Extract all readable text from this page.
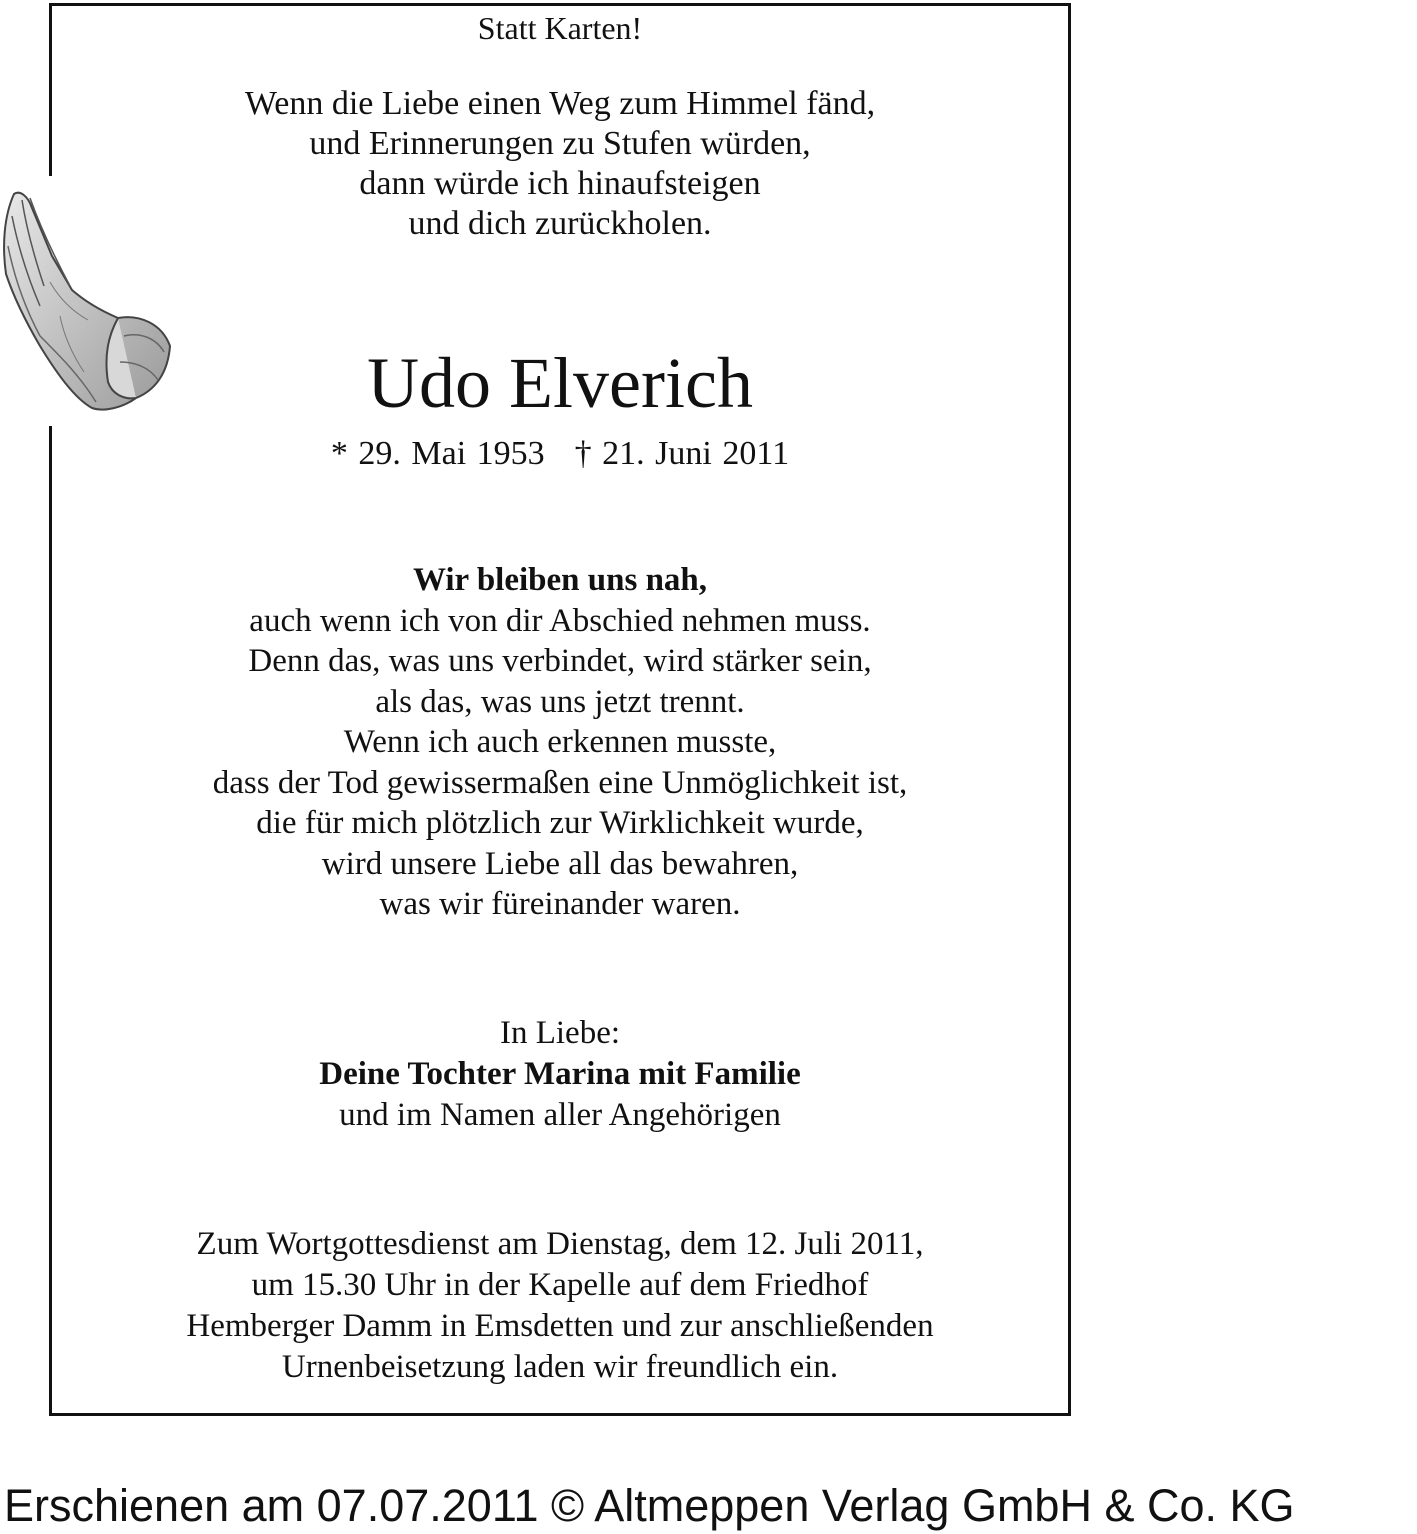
Statt Karten!
Wenn die Liebe einen Weg zum Himmel fänd,
und Erinnerungen zu Stufen würden,
dann würde ich hinaufsteigen
und dich zurückholen.
Udo Elverich
* 29. Mai 1953 † 21. Juni 2011
Wir bleiben uns nah,
auch wenn ich von dir Abschied nehmen muss.
Denn das, was uns verbindet, wird stärker sein,
als das, was uns jetzt trennt.
Wenn ich auch erkennen musste,
dass der Tod gewissermaßen eine Unmöglichkeit ist,
die für mich plötzlich zur Wirklichkeit wurde,
wird unsere Liebe all das bewahren,
was wir füreinander waren.
In Liebe:
Deine Tochter Marina mit Familie
und im Namen aller Angehörigen
Zum Wortgottesdienst am Dienstag, dem 12. Juli 2011,
um 15.30 Uhr in der Kapelle auf dem Friedhof
Hemberger Damm in Emsdetten und zur anschließenden
Urnenbeisetzung laden wir freundlich ein.
Erschienen am 07.07.2011 © Altmeppen Verlag GmbH & Co. KG
